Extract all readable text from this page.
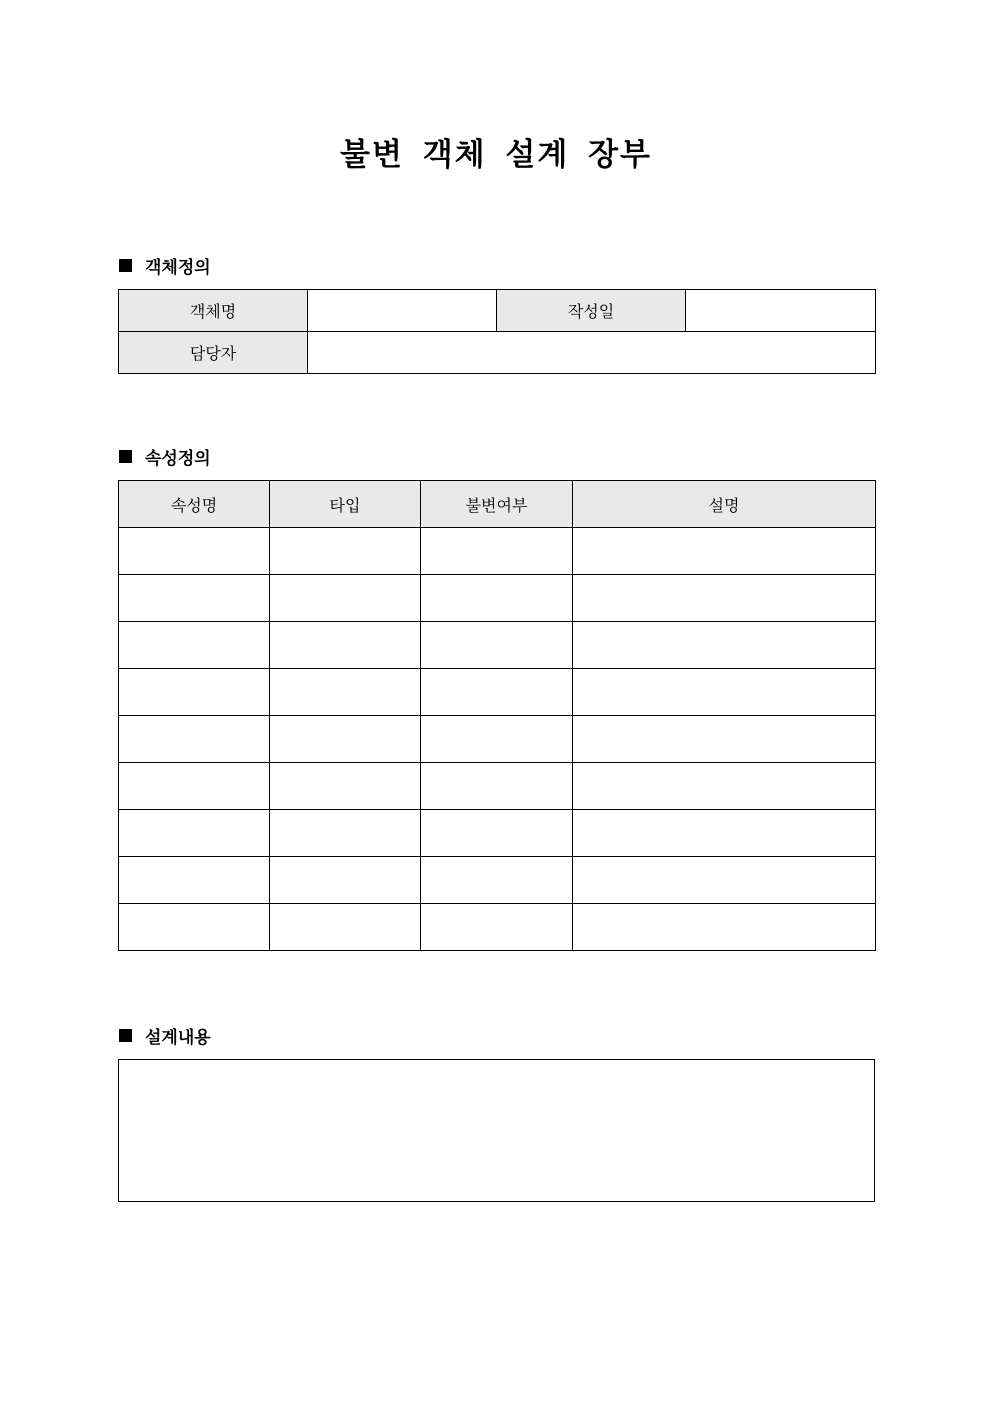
불변 객체 설계 장부
객체정의
객체명		작성일	
담당자			
속성정의
속성명	타입	불변여부	설명

설계내용
